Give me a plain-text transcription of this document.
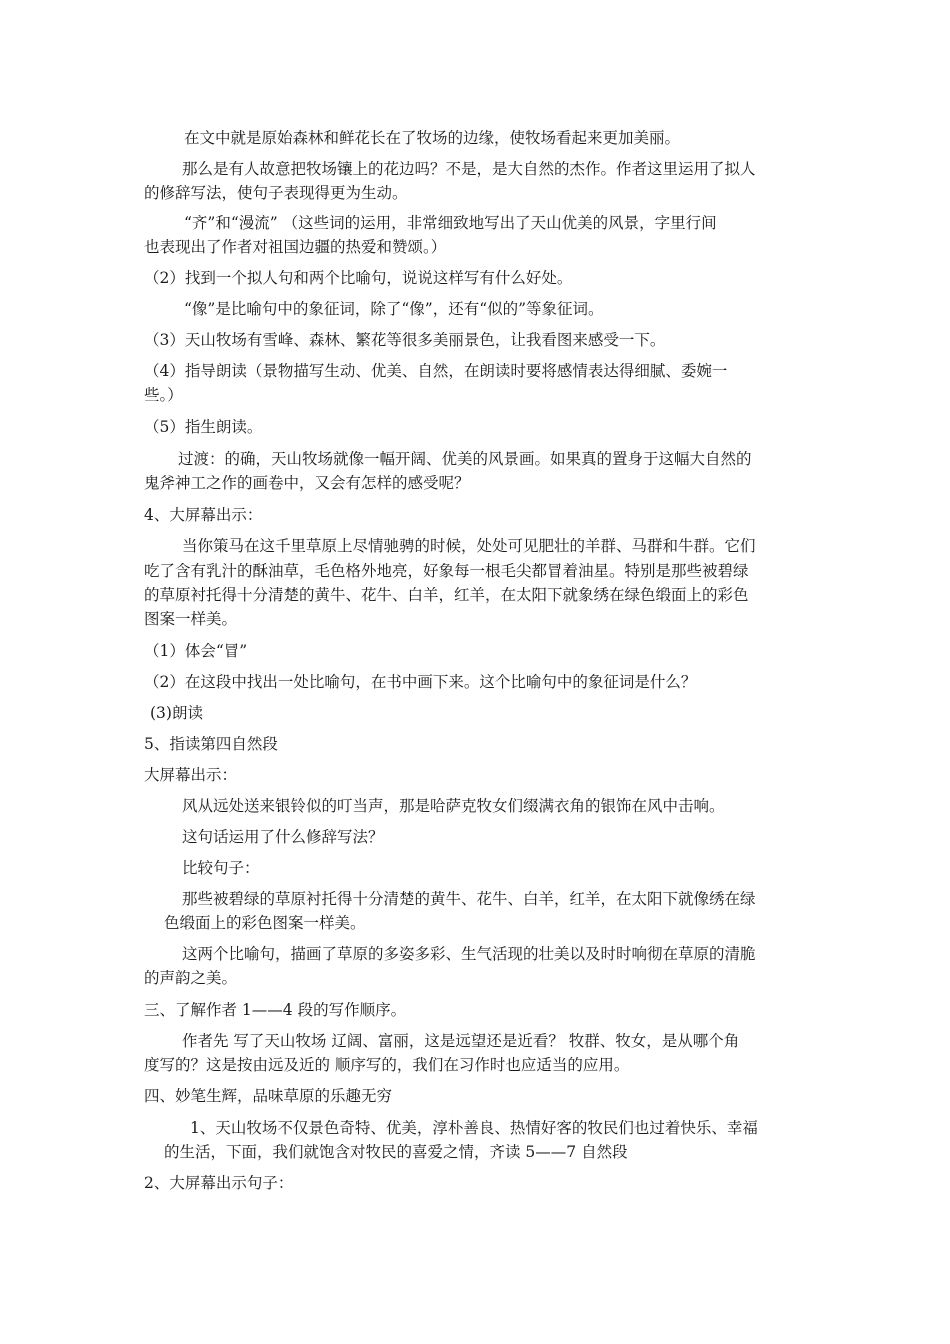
在文中就是原始森林和鲜花长在了牧场的边缘，使牧场看起来更加美丽。
那么是有人故意把牧场镶上的花边吗？不是，是大自然的杰作。作者这里运用了拟人
的修辞写法，使句子表现得更为生动。
“齐”和“漫流” （这些词的运用，非常细致地写出了天山优美的风景，字里行间
也表现出了作者对祖国边疆的热爱和赞颂。）
（2）找到一个拟人句和两个比喻句，说说这样写有什么好处。
“像”是比喻句中的象征词，除了“像”，还有“似的”等象征词。
（3）天山牧场有雪峰、森林、繁花等很多美丽景色，让我看图来感受一下。
（4）指导朗读（景物描写生动、优美、自然，在朗读时要将感情表达得细腻、委婉一
些。）
（5）指生朗读。
过渡：的确，天山牧场就像一幅开阔、优美的风景画。如果真的置身于这幅大自然的
鬼斧神工之作的画卷中，又会有怎样的感受呢？
4、大屏幕出示：
当你策马在这千里草原上尽情驰骋的时候，处处可见肥壮的羊群、马群和牛群。它们
吃了含有乳汁的酥油草，毛色格外地亮，好象每一根毛尖都冒着油星。特别是那些被碧绿
的草原衬托得十分清楚的黄牛、花牛、白羊，红羊，在太阳下就象绣在绿色缎面上的彩色
图案一样美。
（1）体会“冒”
（2）在这段中找出一处比喻句，在书中画下来。这个比喻句中的象征词是什么？
(3)朗读
5、指读第四自然段
大屏幕出示：
风从远处送来银铃似的叮当声，那是哈萨克牧女们缀满衣角的银饰在风中击响。
这句话运用了什么修辞写法？
比较句子：
那些被碧绿的草原衬托得十分清楚的黄牛、花牛、白羊，红羊，在太阳下就像绣在绿
色缎面上的彩色图案一样美。
这两个比喻句，描画了草原的多姿多彩、生气活现的壮美以及时时响彻在草原的清脆
的声韵之美。
三、了解作者 1——4 段的写作顺序。
作者先 写了天山牧场 辽阔、富丽，这是远望还是近看？ 牧群、牧女，是从哪个角
度写的？这是按由远及近的 顺序写的，我们在习作时也应适当的应用。
四、妙笔生辉，品味草原的乐趣无穷
1、天山牧场不仅景色奇特、优美，淳朴善良、热情好客的牧民们也过着快乐、幸福
的生活，下面，我们就饱含对牧民的喜爱之情，齐读 5——7 自然段
2、大屏幕出示句子：
